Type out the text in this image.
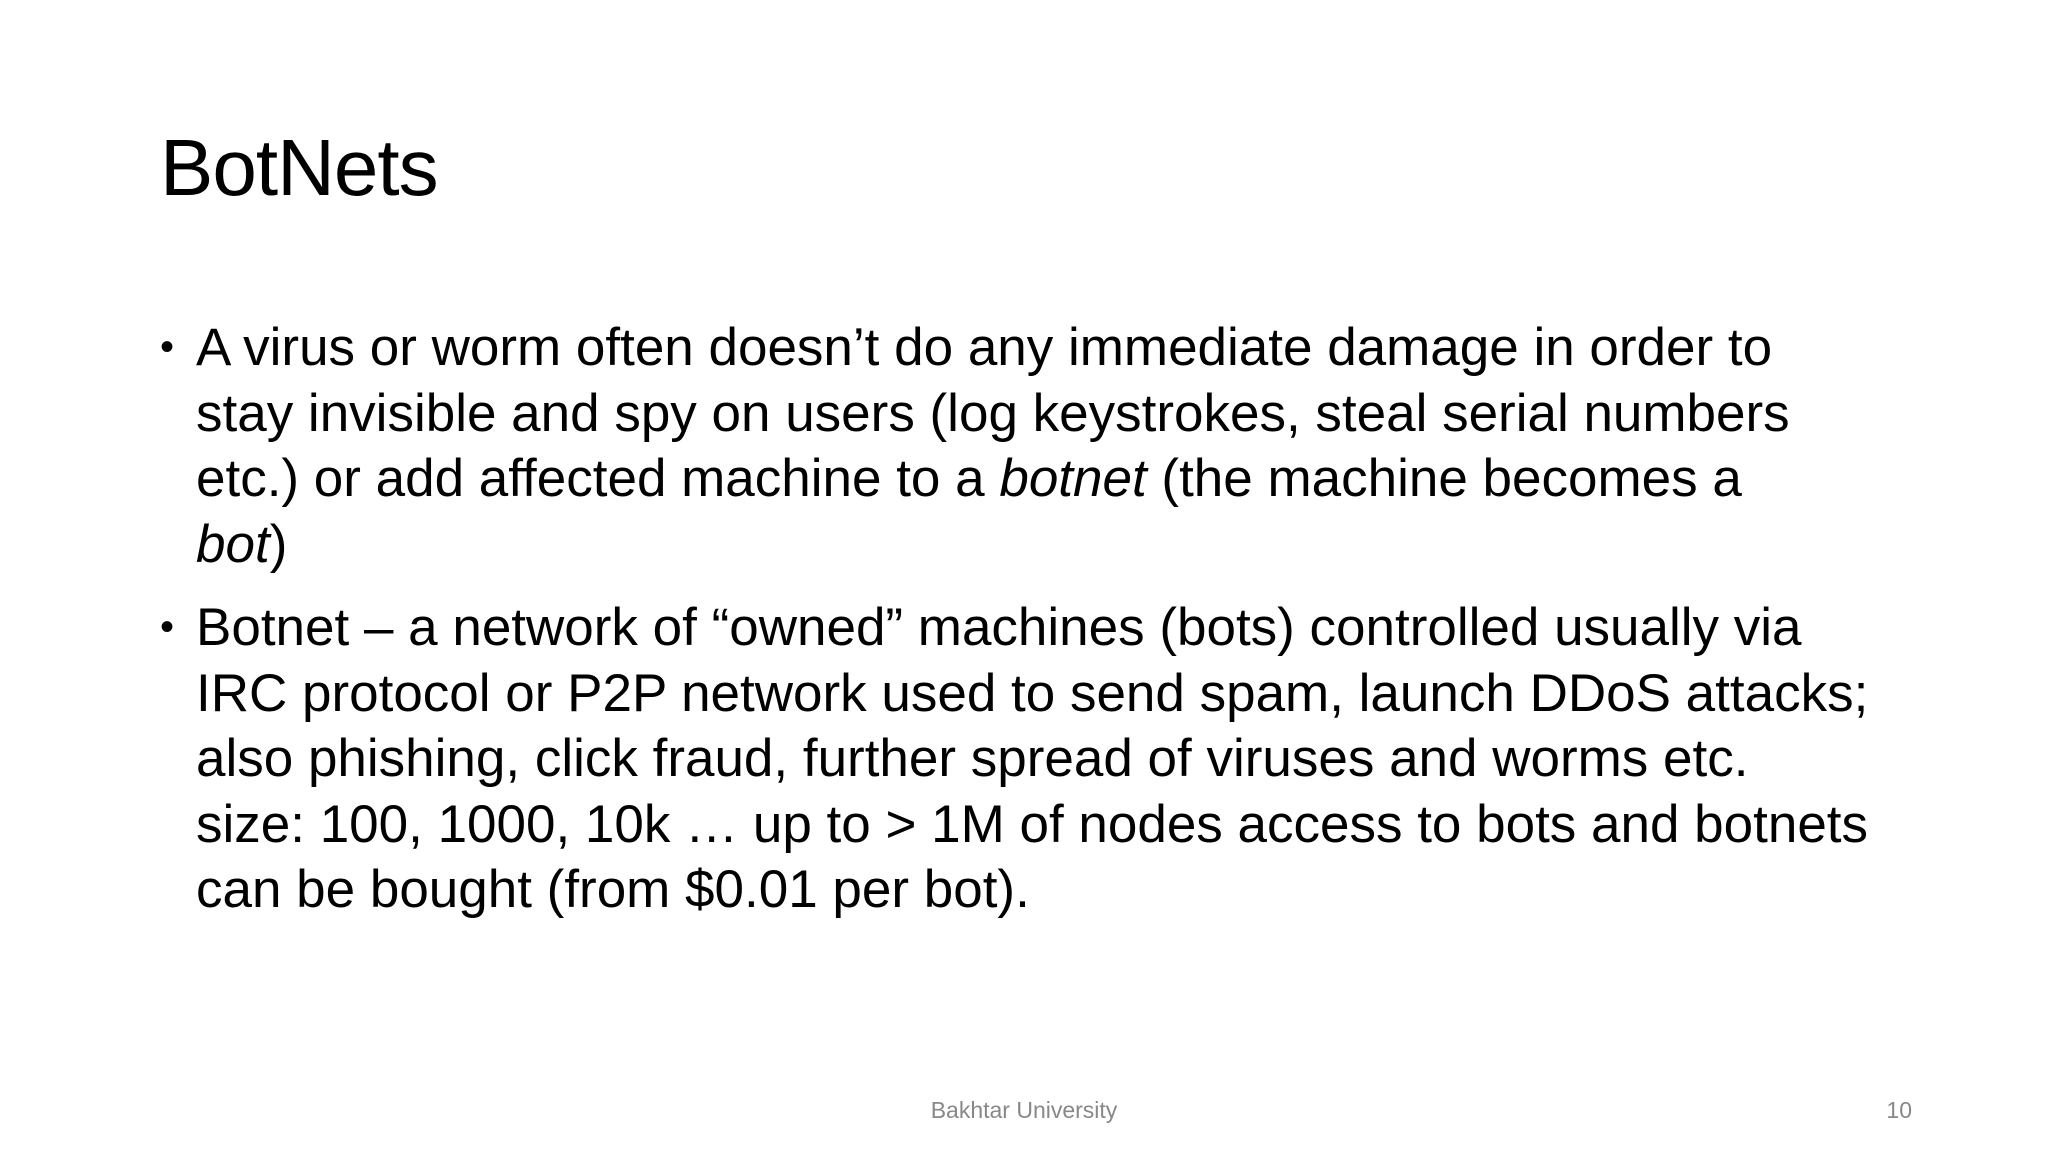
BotNets
• A virus or worm often doesn’t do any immediate damage in order to
stay invisible and spy on users (log keystrokes, steal serial numbers
etc.) or add affected machine to a botnet (the machine becomes a
bot)
• Botnet – a network of “owned” machines (bots) controlled usually via
IRC protocol or P2P network used to send spam, launch DDoS attacks;
also phishing, click fraud, further spread of viruses and worms etc.
size: 100, 1000, 10k … up to > 1M of nodes access to bots and botnets
can be bought (from $0.01 per bot).
Bakhtar University	10
